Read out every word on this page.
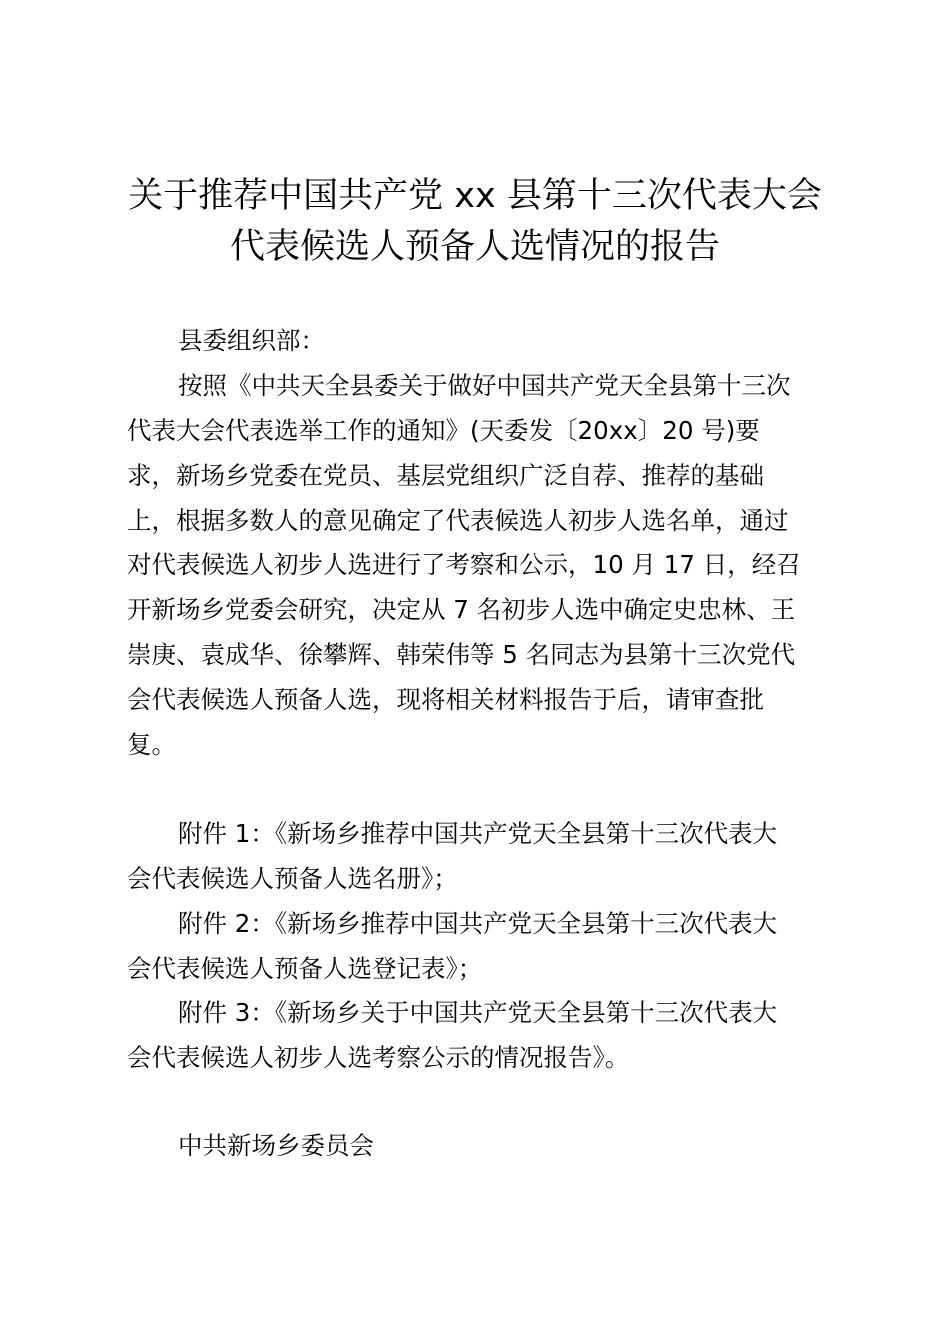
关于推荐中国共产党 xx 县第十三次代表大会
代表候选人预备人选情况的报告
县委组织部：
按照《中共天全县委关于做好中国共产党天全县第十三次
代表大会代表选举工作的通知》(天委发〔20xx〕20 号)要
求，新场乡党委在党员、基层党组织广泛自荐、推荐的基础
上，根据多数人的意见确定了代表候选人初步人选名单，通过
对代表候选人初步人选进行了考察和公示，10 月 17 日，经召
开新场乡党委会研究，决定从 7 名初步人选中确定史忠林、王
崇庚、袁成华、徐攀辉、韩荣伟等 5 名同志为县第十三次党代
会代表候选人预备人选，现将相关材料报告于后，请审查批
复。
附件 1：《新场乡推荐中国共产党天全县第十三次代表大
会代表候选人预备人选名册》；
附件 2：《新场乡推荐中国共产党天全县第十三次代表大
会代表候选人预备人选登记表》；
附件 3：《新场乡关于中国共产党天全县第十三次代表大
会代表候选人初步人选考察公示的情况报告》。
中共新场乡委员会
